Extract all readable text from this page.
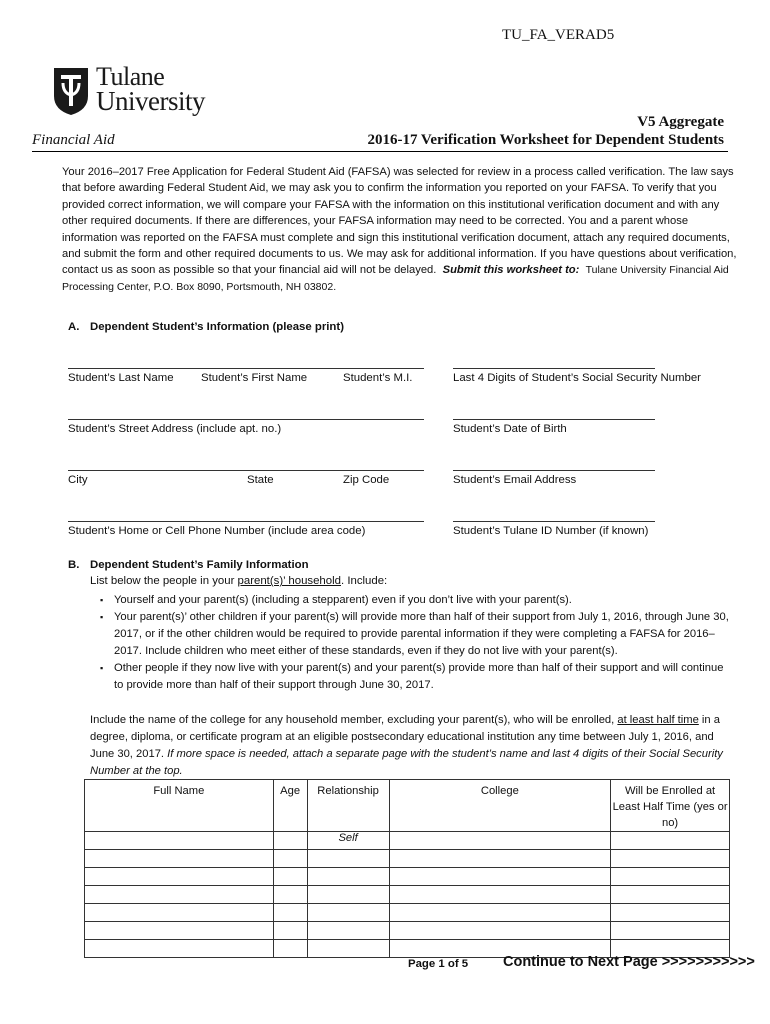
TU_FA_VERAD5
Tulane
University
Financial Aid
V5 Aggregate
2016-17 Verification Worksheet for Dependent Students
Your 2016–2017 Free Application for Federal Student Aid (FAFSA) was selected for review in a process called verification. The law says that before awarding Federal Student Aid, we may ask you to confirm the information you reported on your FAFSA. To verify that you provided correct information, we will compare your FAFSA with the information on this institutional verification document and with any other required documents. If there are differences, your FAFSA information may need to be corrected. You and a parent whose information was reported on the FAFSA must complete and sign this institutional verification document, attach any required documents, and submit the form and other required documents to us. We may ask for additional information. If you have questions about verification, contact us as soon as possible so that your financial aid will not be delayed. Submit this worksheet to: Tulane University Financial Aid Processing Center, P.O. Box 8090, Portsmouth, NH 03802.
A. Dependent Student’s Information (please print)
Student’s Last Name Student’s First Name	Student’s M.I.	Last 4 Digits of Student’s Social Security Number
Student’s Street Address (include apt. no.)	Student’s Date of Birth
City	State	Zip Code	Student’s Email Address
Student’s Home or Cell Phone Number (include area code)	Student’s Tulane ID Number (if known)
B. Dependent Student’s Family Information
List below the people in your parent(s)’ household. Include:
▪ Yourself and your parent(s) (including a stepparent) even if you don’t live with your parent(s).
▪ Your parent(s)’ other children if your parent(s) will provide more than half of their support from July 1, 2016, through June 30, 2017, or if the other children would be required to provide parental information if they were completing a FAFSA for 2016–2017. Include children who meet either of these standards, even if they do not live with your parent(s).
▪ Other people if they now live with your parent(s) and your parent(s) provide more than half of their support and will continue to provide more than half of their support through June 30, 2017.
Include the name of the college for any household member, excluding your parent(s), who will be enrolled, at least half time in a degree, diploma, or certificate program at an eligible postsecondary educational institution any time between July 1, 2016, and June 30, 2017. If more space is needed, attach a separate page with the student’s name and last 4 digits of their Social Security Number at the top.
Full Name	Age	Relationship	College	Will be Enrolled at Least Half Time (yes or no)
		Self		

Page 1 of 5 Continue to Next Page >>>>>>>>>>>
